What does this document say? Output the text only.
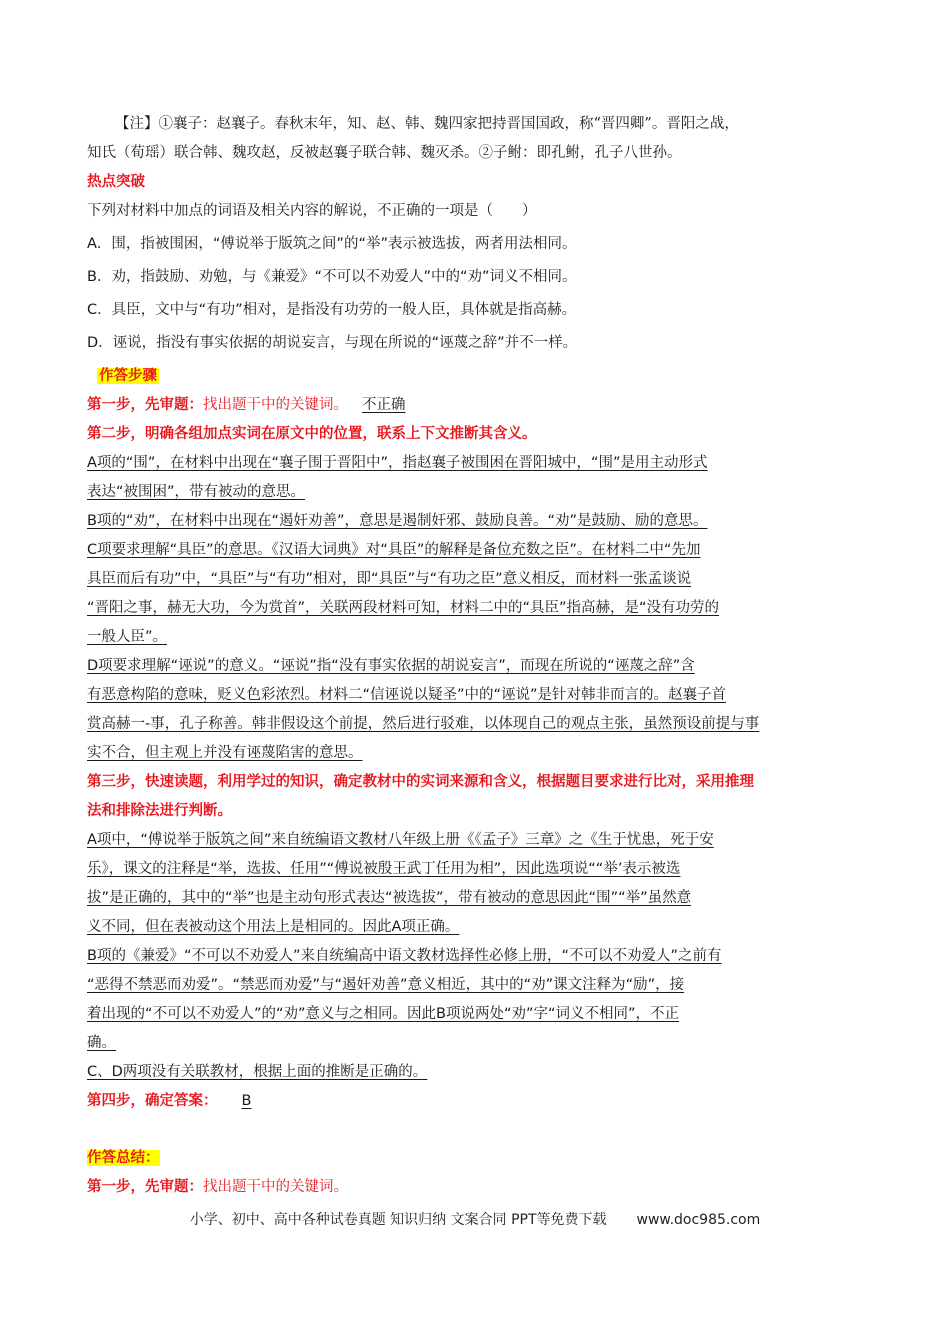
【注】①襄子：赵襄子。春秋末年，知、赵、韩、魏四家把持晋国国政，称“晋四卿”。晋阳之战，

知氏（荀瑶）联合韩、魏攻赵，反被赵襄子联合韩、魏灭杀。②子鲋：即孔鲋，孔子八世孙。

热点突破

下列对材料中加点的词语及相关内容的解说，不正确的一项是（　　）

A．围，指被围困，“傅说举于版筑之间”的“举”表示被选拔，两者用法相同。

B．劝，指鼓励、劝勉，与《兼爱》“不可以不劝爱人”中的“劝”词义不相同。

C．具臣，文中与“有功”相对，是指没有功劳的一般人臣，具体就是指高赫。

D．诬说，指没有事实依据的胡说妄言，与现在所说的“诬蔑之辞”并不一样。

作答步骤

第一步，先审题：找出题干中的关键词。 不正确

第二步，明确各组加点实词在原文中的位置，联系上下文推断其含义。

A项的“围”，在材料中出现在“襄子围于晋阳中”，指赵襄子被围困在晋阳城中，“围”是用主动形式

表达“被围困”，带有被动的意思。

B项的“劝”，在材料中出现在“遏奸劝善”，意思是遏制奸邪、鼓励良善。“劝”是鼓励、励的意思。

C项要求理解“具臣”的意思。《汉语大词典》对“具臣”的解释是备位充数之臣”。在材料二中“先加

具臣而后有功”中，“具臣”与“有功”相对，即“具臣”与“有功之臣”意义相反，而材料一张孟谈说

“晋阳之事，赫无大功，今为赏首”，关联两段材料可知，材料二中的“具臣”指高赫，是“没有功劳的

一般人臣”。

D项要求理解“诬说”的意义。“诬说”指“没有事实依据的胡说妄言”，而现在所说的“诬蔑之辞”含

有恶意构陷的意味，贬义色彩浓烈。材料二“信诬说以疑圣”中的“诬说”是针对韩非而言的。赵襄子首

赏高赫一-事，孔子称善。韩非假设这个前提，然后进行驳难，以体现自己的观点主张，虽然预设前提与事

实不合，但主观上并没有诬蔑陷害的意思。

第三步，快速读题，利用学过的知识，确定教材中的实词来源和含义，根据题目要求进行比对，采用推理

法和排除法进行判断。

A项中，“傅说举于版筑之间”来自统编语文教材八年级上册《《孟子》三章》之《生于忧患，死于安

乐》，课文的注释是“举，选拔、任用”“傅说被殷王武丁任用为相”，因此选项说““举’表示被选

拔”是正确的，其中的“举”也是主动句形式表达“被选拔”，带有被动的意思因此“围”“举”虽然意

义不同，但在表被动这个用法上是相同的。因此A项正确。

B项的《兼爱》“不可以不劝爱人”来自统编高中语文教材选择性必修上册，“不可以不劝爱人”之前有

“恶得不禁恶而劝爱”。“禁恶而劝爱”与“遏奸劝善”意义相近，其中的“劝”课文注释为“励”，接

着出现的“不可以不劝爱人”的“劝”意义与之相同。因此B项说两处“劝”字“词义不相同”，不正

确。

C、D两项没有关联教材，根据上面的推断是正确的。

第四步，确定答案： B

作答总结：

第一步，先审题：找出题干中的关键词。

小学、初中、高中各种试卷真题 知识归纳 文案合同 PPT等免费下载 www.doc985.com
